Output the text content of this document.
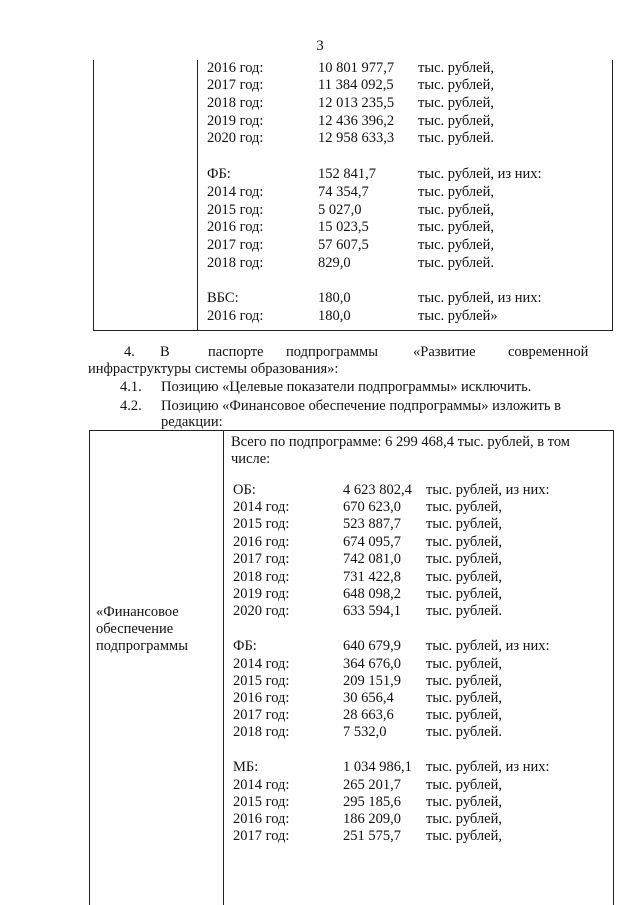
3
2016 год:	10 801 977,7 тыс. рублей,
2017 год:	11 384 092,5 тыс. рублей,
2018 год:	12 013 235,5 тыс. рублей,
2019 год:	12 436 396,2 тыс. рублей,
2020 год:	12 958 633,3 тыс. рублей.
ФБ:	152 841,7	тыс. рублей, из них:
2014 год:	74 354,7	тыс. рублей,
2015 год:	5 027,0	тыс. рублей,
2016 год:	15 023,5	тыс. рублей,
2017 год:	57 607,5	тыс. рублей,
2018 год:	829,0	тыс. рублей.
ВБС:	180,0	тыс. рублей, из них:
2016 год:	180,0	тыс. рублей»
4. В	паспорте подпрограммы «Развитие современной
инфраструктуры системы образования»:
4.1. Позицию «Целевые показатели подпрограммы» исключить.
4.2. Позицию «Финансовое обеспечение подпрограммы» изложить в
редакции:
«Финансовое
обеспечение
подпрограммы
Всего по подпрограмме: 6 299 468,4 тыс. рублей, в том
числе:
ОБ:	4 623 802,4 тыс. рублей, из них:
2014 год:	670 623,0 тыс. рублей,
2015 год:	523 887,7 тыс. рублей,
2016 год:	674 095,7 тыс. рублей,
2017 год:	742 081,0 тыс. рублей,
2018 год:	731 422,8 тыс. рублей,
2019 год:	648 098,2 тыс. рублей,
2020 год:	633 594,1 тыс. рублей.
ФБ:	640 679,9 тыс. рублей, из них:
2014 год:	364 676,0 тыс. рублей,
2015 год:	209 151,9 тыс. рублей,
2016 год:	30 656,4 тыс. рублей,
2017 год:	28 663,6 тыс. рублей,
2018 год:	7 532,0	тыс. рублей.
МБ:	1 034 986,1 тыс. рублей, из них:
2014 год:	265 201,7 тыс. рублей,
2015 год:	295 185,6 тыс. рублей,
2016 год:	186 209,0 тыс. рублей,
2017 год:	251 575,7 тыс. рублей,
